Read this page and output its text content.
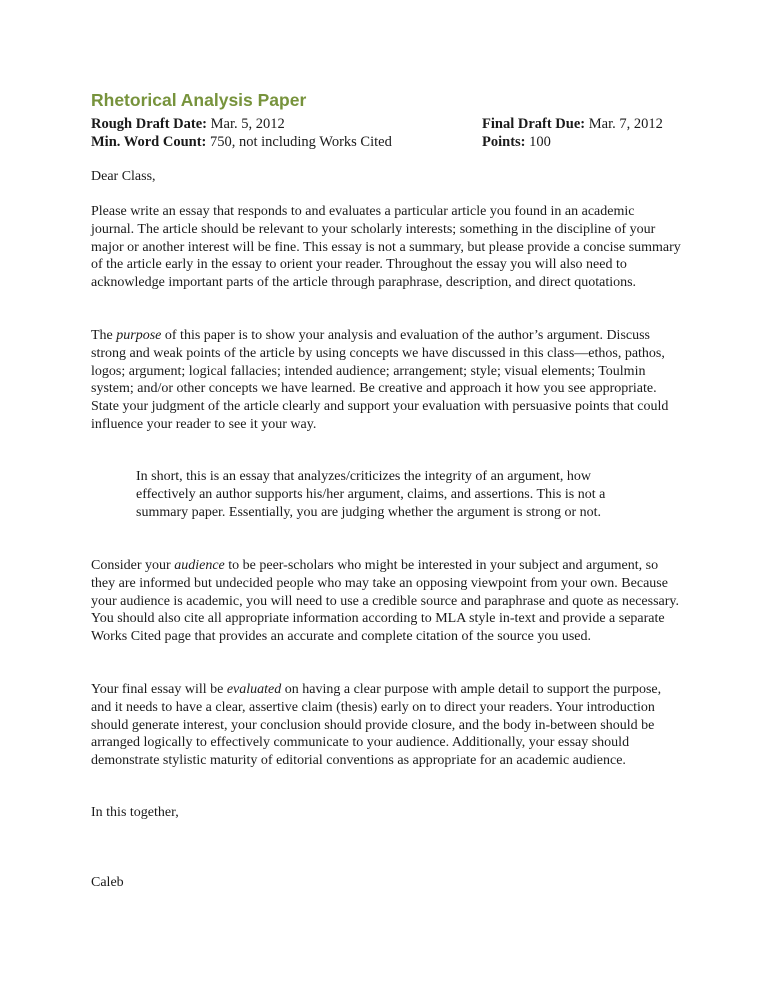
Rhetorical Analysis Paper
Rough Draft Date: Mar. 5, 2012	Final Draft Due: Mar. 7, 2012
Min. Word Count: 750, not including Works Cited	Points: 100

Dear Class,

Please write an essay that responds to and evaluates a particular article you found in an academic journal. The article should be relevant to your scholarly interests; something in the discipline of your major or another interest will be fine. This essay is not a summary, but please provide a concise summary of the article early in the essay to orient your reader. Throughout the essay you will also need to acknowledge important parts of the article through paraphrase, description, and direct quotations.

The purpose of this paper is to show your analysis and evaluation of the author’s argument. Discuss strong and weak points of the article by using concepts we have discussed in this class—ethos, pathos, logos; argument; logical fallacies; intended audience; arrangement; style; visual elements; Toulmin system; and/or other concepts we have learned. Be creative and approach it how you see appropriate. State your judgment of the article clearly and support your evaluation with persuasive points that could influence your reader to see it your way.

In short, this is an essay that analyzes/criticizes the integrity of an argument, how effectively an author supports his/her argument, claims, and assertions. This is not a summary paper. Essentially, you are judging whether the argument is strong or not.

Consider your audience to be peer-scholars who might be interested in your subject and argument, so they are informed but undecided people who may take an opposing viewpoint from your own. Because your audience is academic, you will need to use a credible source and paraphrase and quote as necessary. You should also cite all appropriate information according to MLA style in-text and provide a separate Works Cited page that provides an accurate and complete citation of the source you used.

Your final essay will be evaluated on having a clear purpose with ample detail to support the purpose, and it needs to have a clear, assertive claim (thesis) early on to direct your readers. Your introduction should generate interest, your conclusion should provide closure, and the body in-between should be arranged logically to effectively communicate to your audience. Additionally, your essay should demonstrate stylistic maturity of editorial conventions as appropriate for an academic audience.

In this together,

Caleb
